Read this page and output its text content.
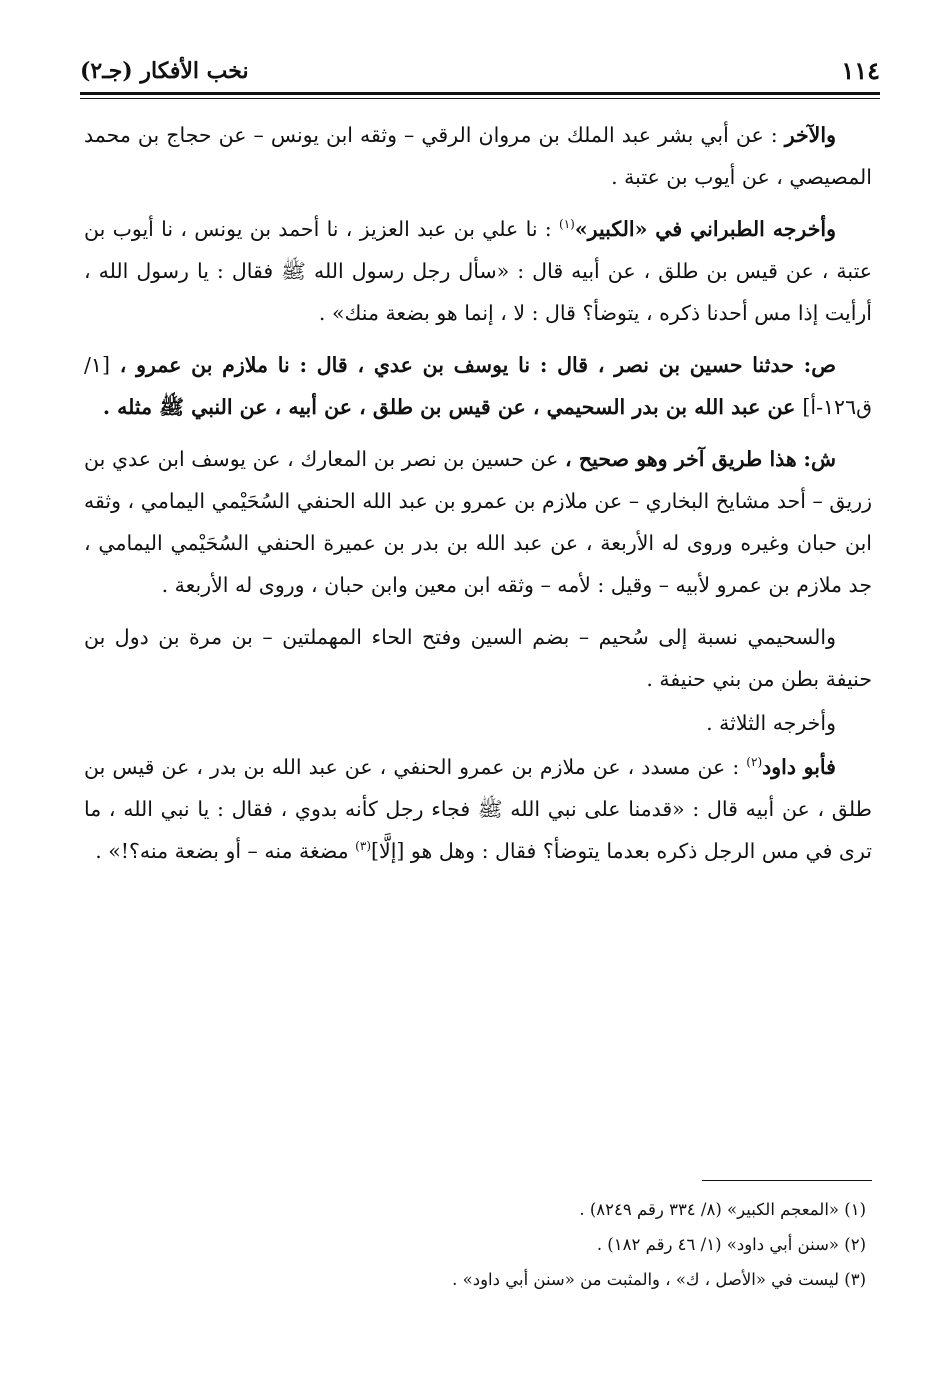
١١٤
نخب الأفكار (جـ٢)

والآخر : عن أبي بشر عبد الملك بن مروان الرقي – وثقه ابن يونس – عن حجاج بن محمد المصيصي ، عن أيوب بن عتبة .

وأخرجه الطبراني في «الكبير»$^{(١)}$ : نا علي بن عبد العزيز ، نا أحمد بن يونس ، نا أيوب بن عتبة ، عن قيس بن طلق ، عن أبيه قال : «سأل رجل رسول الله ﷺ فقال : يا رسول الله ، أرأيت إذا مس أحدنا ذكره ، يتوضأ؟ قال : لا ، إنما هو بضعة منك» .

ص: حدثنا حسين بن نصر ، قال : نا يوسف بن عدي ، قال : نا ملازم بن عمرو ، [١/ ق١٢٦-أ] عن عبد الله بن بدر السحيمي ، عن قيس بن طلق ، عن أبيه ، عن النبي ﷺ مثله .

ش: هذا طريق آخر وهو صحيح ، عن حسين بن نصر بن المعارك ، عن يوسف ابن عدي بن زريق – أحد مشايخ البخاري – عن ملازم بن عمرو بن عبد الله الحنفي السُحَيْمي اليمامي ، وثقه ابن حبان وغيره وروى له الأربعة ، عن عبد الله بن بدر بن عميرة الحنفي السُحَيْمي اليمامي ، جد ملازم بن عمرو لأبيه – وقيل : لأمه – وثقه ابن معين وابن حبان ، وروى له الأربعة .

والسحيمي نسبة إلى سُحيم – بضم السين وفتح الحاء المهملتين – بن مرة بن دول بن حنيفة بطن من بني حنيفة .

وأخرجه الثلاثة .

فأبو داود$^{(٢)}$ : عن مسدد ، عن ملازم بن عمرو الحنفي ، عن عبد الله بن بدر ، عن قيس بن طلق ، عن أبيه قال : «قدمنا على نبي الله ﷺ فجاء رجل كأنه بدوي ، فقال : يا نبي الله ، ما ترى في مس الرجل ذكره بعدما يتوضأ؟ فقال : وهل هو [إلَّا]$^{(٣)}$ مضغة منه – أو بضعة منه؟!» .

(١) «المعجم الكبير» (٨/ ٣٣٤ رقم ٨٢٤٩) .
(٢) «سنن أبي داود» (١/ ٤٦ رقم ١٨٢) .
(٣) ليست في «الأصل ، ك» ، والمثبت من «سنن أبي داود» .
